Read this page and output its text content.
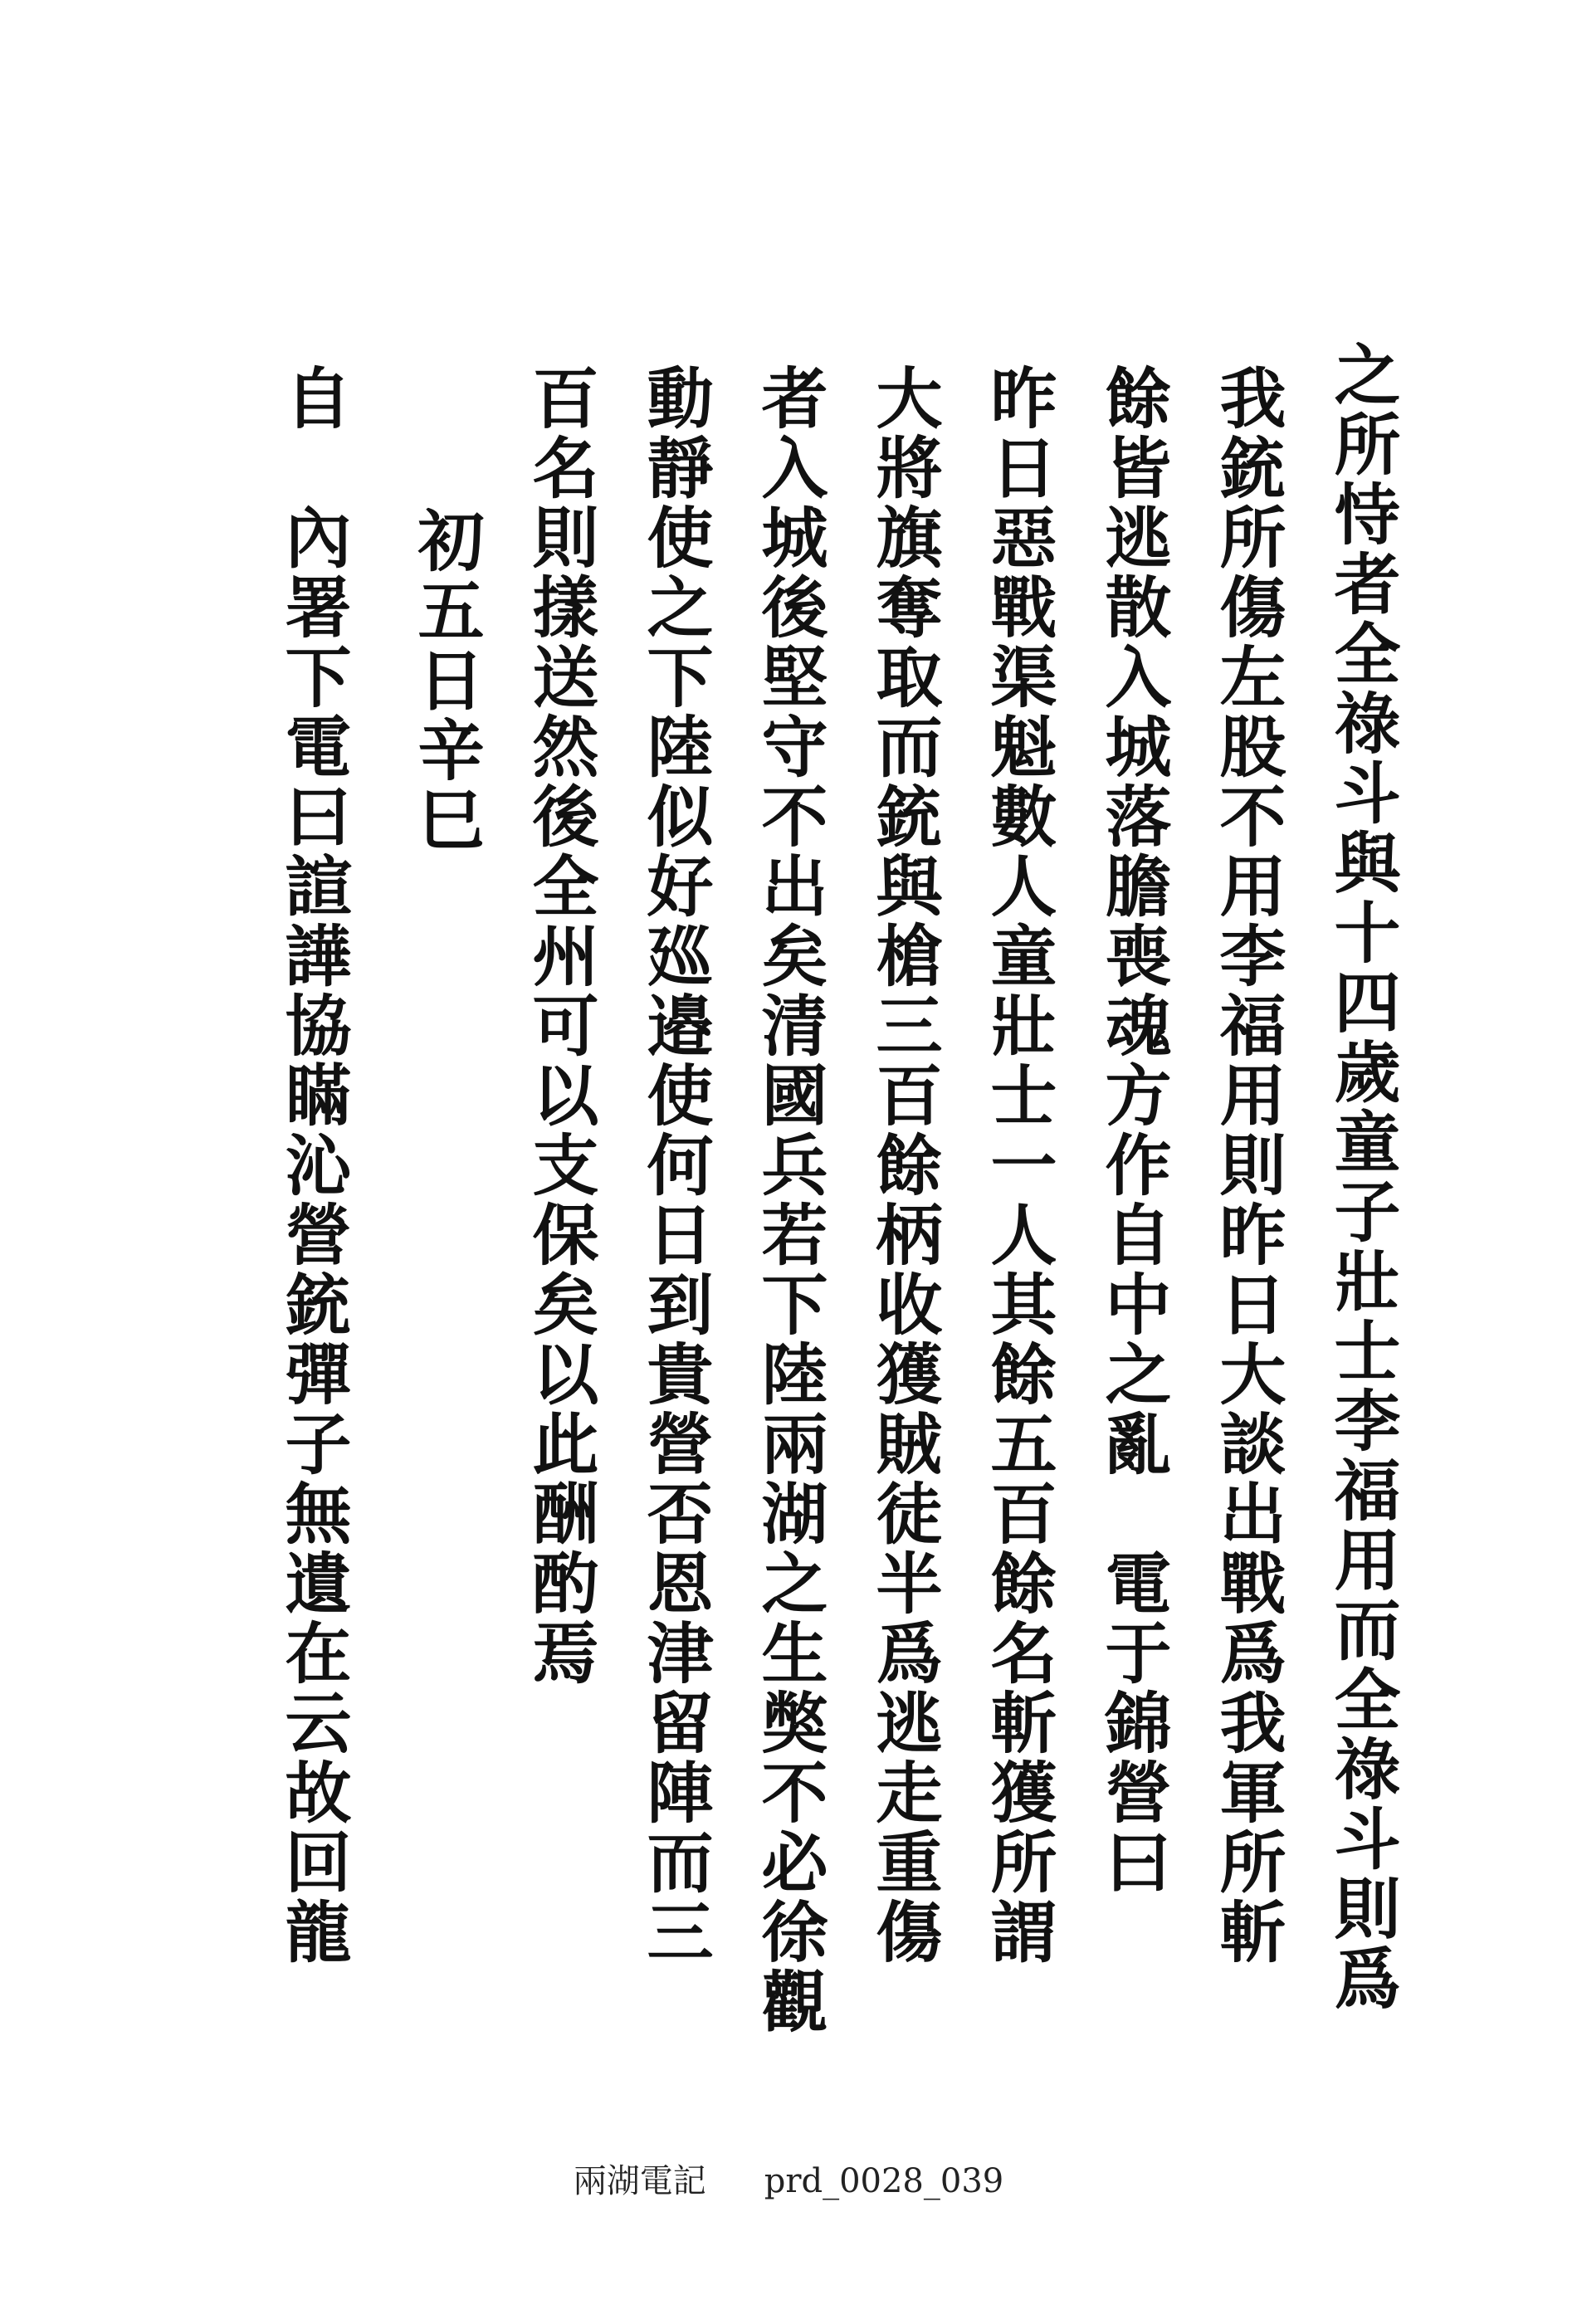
之所恃者全祿斗與十四歲童子壯士李福用而全祿斗則爲
我銃所傷左股不用李福用則昨日大談出戰爲我軍所斬
餘皆逃散入城落膽喪魂方作自中之亂電于錦營曰
昨日惡戰渠魁數人童壯士一人其餘五百餘名斬獲所謂
大將旗奪取而銃與槍三百餘柄收獲賊徒半爲逃走重傷
者入城後堅守不出矣清國兵若下陸兩湖之生獘不必徐觀
動靜使之下陸似好廵邉使何日到貴營否恩津留陣而三
百名則㨾送然後全州可以支保矣以此酬酌焉
初五日辛巳
自內署下電曰諠譁協瞞沁營銃彈子無遺在云故回龍
兩湖電記 prd_0028_039
